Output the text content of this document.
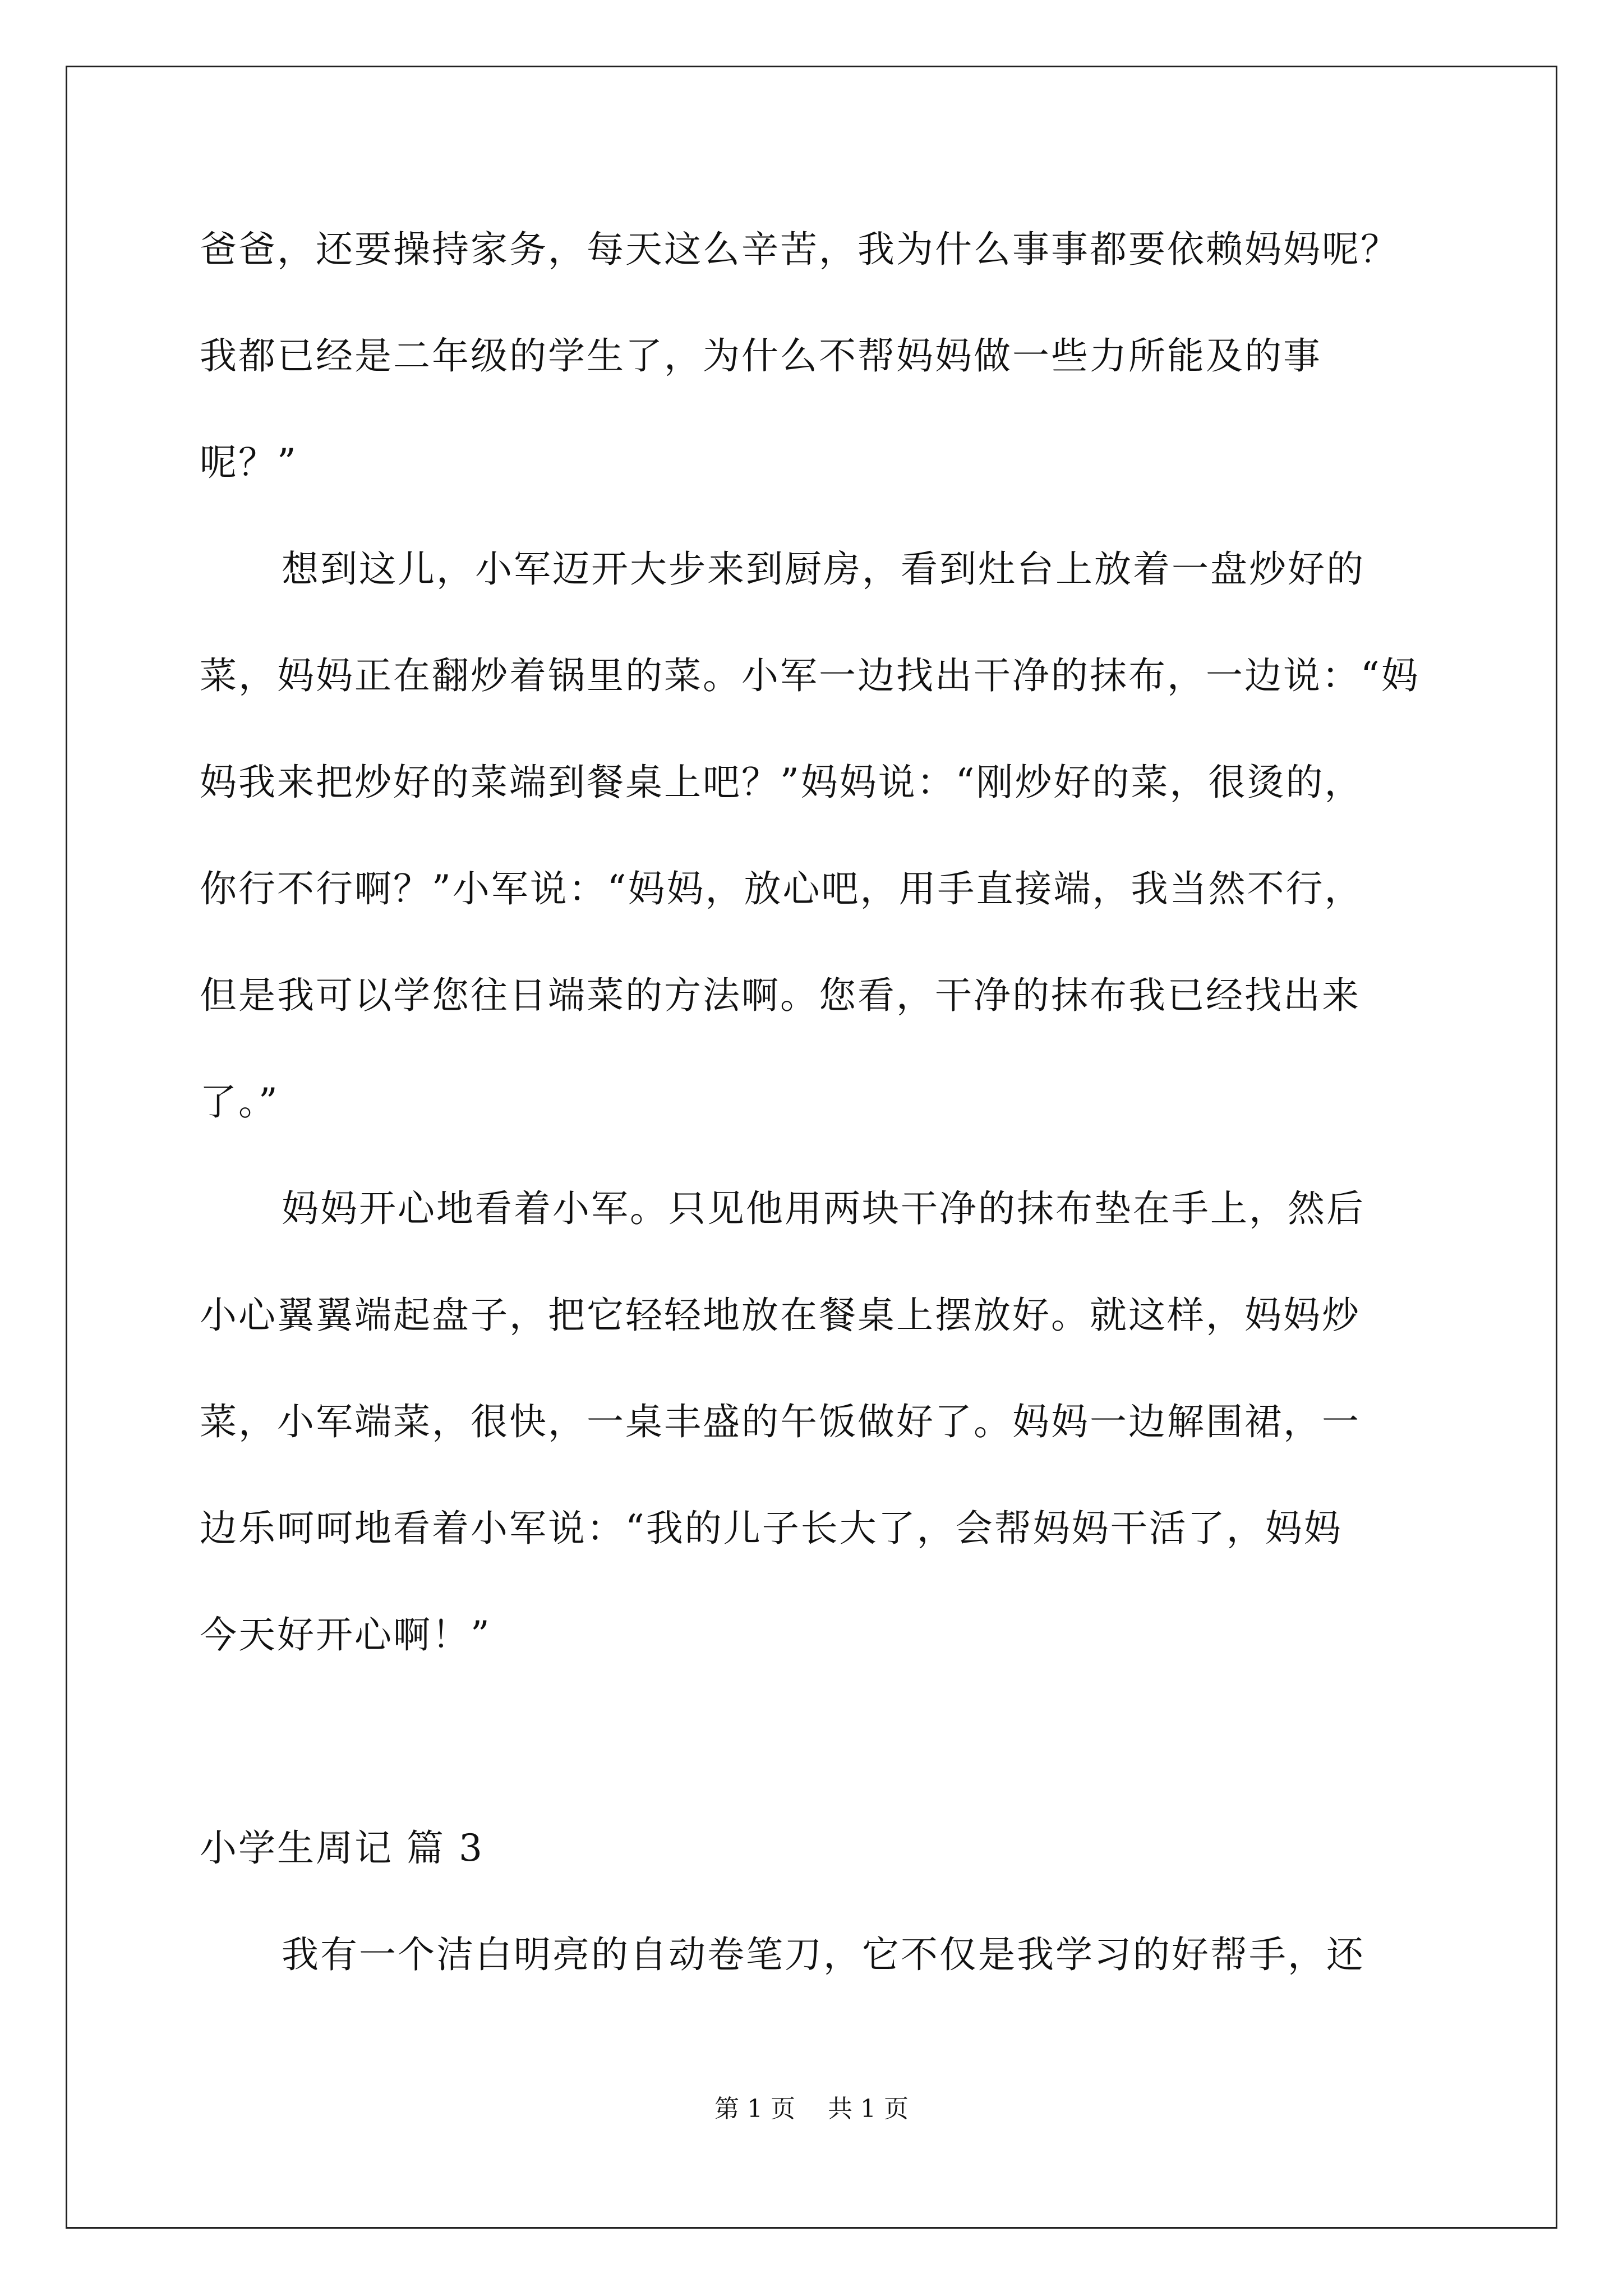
爸爸，还要操持家务，每天这么辛苦，我为什么事事都要依赖妈妈呢？
我都已经是二年级的学生了，为什么不帮妈妈做一些力所能及的事
呢？”
想到这儿，小军迈开大步来到厨房，看到灶台上放着一盘炒好的
菜，妈妈正在翻炒着锅里的菜。小军一边找出干净的抹布，一边说：“妈
妈我来把炒好的菜端到餐桌上吧？”妈妈说：“刚炒好的菜，很烫的，
你行不行啊？”小军说：“妈妈，放心吧，用手直接端，我当然不行，
但是我可以学您往日端菜的方法啊。您看，干净的抹布我已经找出来
了。”
妈妈开心地看着小军。只见他用两块干净的抹布垫在手上，然后
小心翼翼端起盘子，把它轻轻地放在餐桌上摆放好。就这样，妈妈炒
菜，小军端菜，很快，一桌丰盛的午饭做好了。妈妈一边解围裙，一
边乐呵呵地看着小军说：“我的儿子长大了，会帮妈妈干活了，妈妈
今天好开心啊！”
小学生周记 篇 3
我有一个洁白明亮的自动卷笔刀，它不仅是我学习的好帮手，还
第 1 页　 共 1 页
